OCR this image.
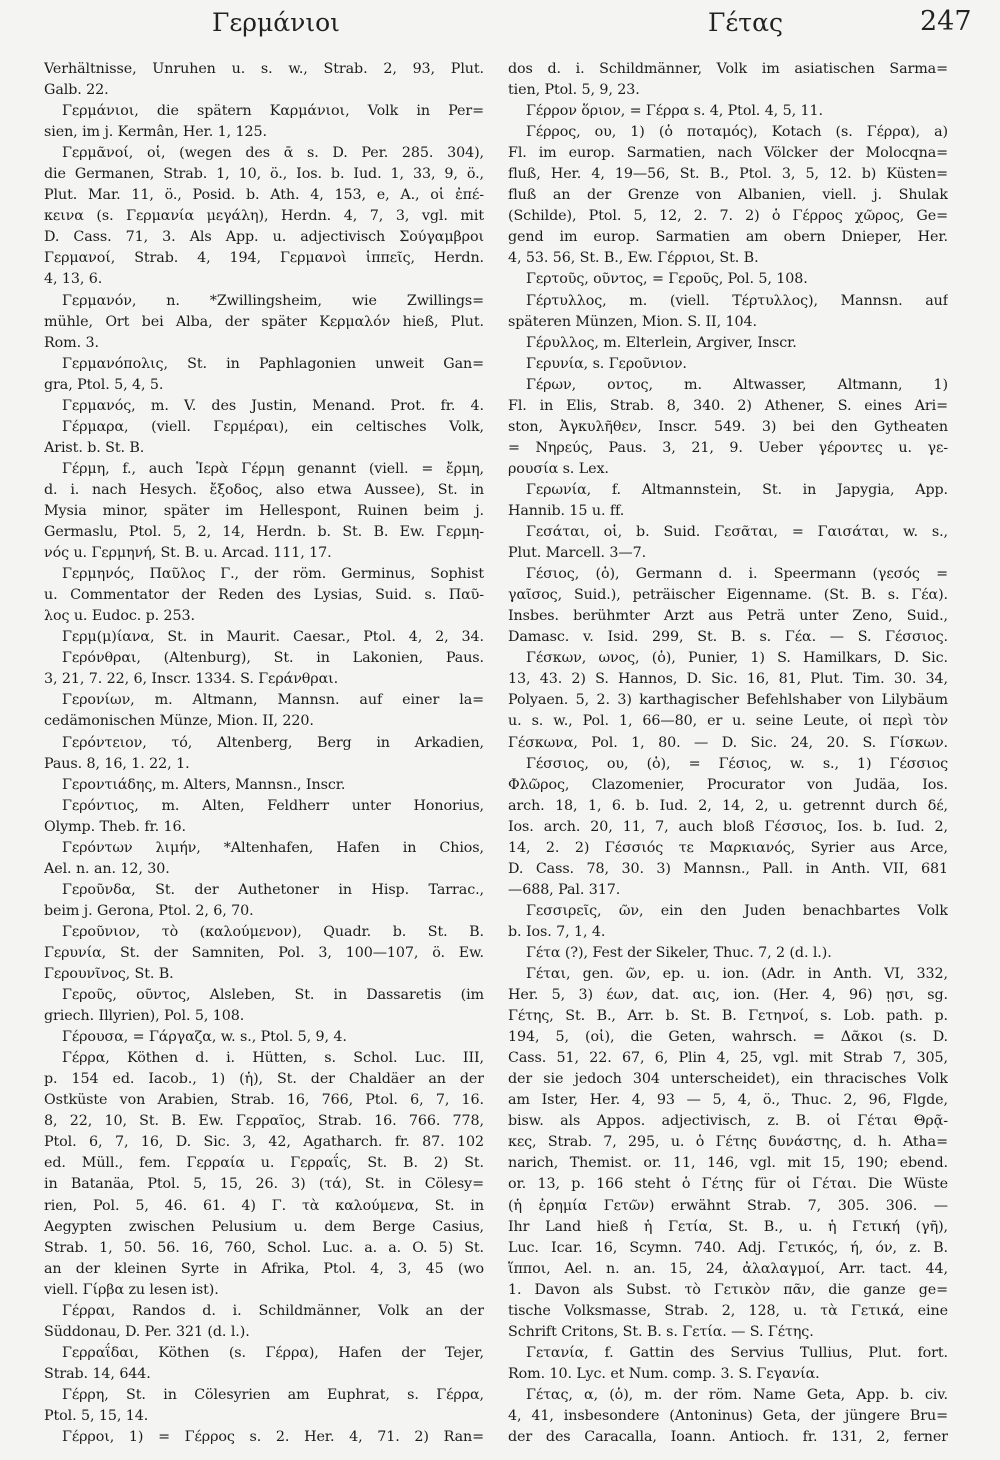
Γερμάνιοι	Γέτας	247
Verhältnisse, Unruhen u. s. w., Strab. 2, 93, Plut.
Galb. 22.
Γερμάνιοι, die spätern Καρμάνιοι, Volk in Per=
sien, im j. Kermân, Her. 1, 125.
Γερμᾶνοί, οἱ, (wegen des ᾱ s. D. Per. 285. 304),
die Germanen, Strab. 1, 10, ö., Ios. b. Iud. 1, 33, 9, ö.,
Plut. Mar. 11, ö., Posid. b. Ath. 4, 153, e, A., οἱ ἐπέ-
κεινα (s. Γερμανία μεγάλη), Herdn. 4, 7, 3, vgl. mit
D. Cass. 71, 3. Als App. u. adjectivisch Σούγαμβροι
Γερμανοί, Strab. 4, 194, Γερμανοὶ ἱππεῖς, Herdn.
4, 13, 6.
Γερμανόν, n. *Zwillingsheim, wie Zwillings=
mühle, Ort bei Alba, der später Κερμαλόν hieß, Plut.
Rom. 3.
Γερμανόπολις, St. in Paphlagonien unweit Gan=
gra, Ptol. 5, 4, 5.
Γερμανός, m. V. des Justin, Menand. Prot. fr. 4.
Γέρμαρα, (viell. Γερμέραι), ein celtisches Volk,
Arist. b. St. B.
Γέρμη, f., auch Ἱερὰ Γέρμη genannt (viell. = ἔρμη,
d. i. nach Hesych. ἔξοδος, also etwa Aussee), St. in
Mysia minor, später im Hellespont, Ruinen beim j.
Germaslu, Ptol. 5, 2, 14, Herdn. b. St. B. Ew. Γερμη-
νός u. Γερμηνή, St. B. u. Arcad. 111, 17.
Γερμηνός, Παῦλος Γ., der röm. Germinus, Sophist
u. Commentator der Reden des Lysias, Suid. s. Παῦ-
λος u. Eudoc. p. 253.
Γερμ(μ)ίανα, St. in Maurit. Caesar., Ptol. 4, 2, 34.
Γερόνθραι, (Altenburg), St. in Lakonien, Paus.
3, 21, 7. 22, 6, Inscr. 1334. S. Γεράνθραι.
Γερονίων, m. Altmann, Mannsn. auf einer la=
cedämonischen Münze, Mion. II, 220.
Γερόντειον, τό, Altenberg, Berg in Arkadien,
Paus. 8, 16, 1. 22, 1.
Γεροντιάδης, m. Alters, Mannsn., Inscr.
Γερόντιος, m. Alten, Feldherr unter Honorius,
Olymp. Theb. fr. 16.
Γερόντων λιμήν, *Altenhafen, Hafen in Chios,
Ael. n. an. 12, 30.
Γεροῦνδα, St. der Authetoner in Hisp. Tarrac.,
beim j. Gerona, Ptol. 2, 6, 70.
Γεροῦνιον, τὸ (καλούμενον), Quadr. b. St. B.
Γερυνία, St. der Samniten, Pol. 3, 100—107, ö. Ew.
Γερουνῖνος, St. B.
Γεροῦς, οῦντος, Alsleben, St. in Dassaretis (im
griech. Illyrien), Pol. 5, 108.
Γέρουσα, = Γάργαζα, w. s., Ptol. 5, 9, 4.
Γέρρα, Köthen d. i. Hütten, s. Schol. Luc. III,
p. 154 ed. Iacob., 1) (ἡ), St. der Chaldäer an der
Ostküste von Arabien, Strab. 16, 766, Ptol. 6, 7, 16.
8, 22, 10, St. B. Ew. Γερραῖος, Strab. 16. 766. 778,
Ptol. 6, 7, 16, D. Sic. 3, 42, Agatharch. fr. 87. 102
ed. Müll., fem. Γερραία u. Γερραΐς, St. B. 2) St.
in Batanäa, Ptol. 5, 15, 26. 3) (τά), St. in Cölesy=
rien, Pol. 5, 46. 61. 4) Γ. τὰ καλούμενα, St. in
Aegypten zwischen Pelusium u. dem Berge Casius,
Strab. 1, 50. 56. 16, 760, Schol. Luc. a. a. O. 5) St.
an der kleinen Syrte in Afrika, Ptol. 4, 3, 45 (wo
viell. Γίρβα zu lesen ist).
Γέρραι, Randos d. i. Schildmänner, Volk an der
Süddonau, D. Per. 321 (d. l.).
Γερραΐδαι, Köthen (s. Γέρρα), Hafen der Tejer,
Strab. 14, 644.
Γέρρη, St. in Cölesyrien am Euphrat, s. Γέρρα,
Ptol. 5, 15, 14.
Γέρροι, 1) = Γέρρος s. 2. Her. 4, 71. 2) Ran=
dos d. i. Schildmänner, Volk im asiatischen Sarma=
tien, Ptol. 5, 9, 23.
Γέρρον ὅριον, = Γέρρα s. 4, Ptol. 4, 5, 11.
Γέρρος, ου, 1) (ὁ ποταμός), Kotach (s. Γέρρα), a)
Fl. im europ. Sarmatien, nach Völcker der Molocqna=
fluß, Her. 4, 19—56, St. B., Ptol. 3, 5, 12. b) Küsten=
fluß an der Grenze von Albanien, viell. j. Shulak
(Schilde), Ptol. 5, 12, 2. 7. 2) ὁ Γέρρος χῶρος, Ge=
gend im europ. Sarmatien am obern Dnieper, Her.
4, 53. 56, St. B., Ew. Γέρριοι, St. B.
Γερτοῦς, οῦντος, = Γεροῦς, Pol. 5, 108.
Γέρτυλλος, m. (viell. Τέρτυλλος), Mannsn. auf
späteren Münzen, Mion. S. II, 104.
Γέρυλλος, m. Elterlein, Argiver, Inscr.
Γερυνία, s. Γεροῦνιον.
Γέρων, οντος, m. Altwasser, Altmann, 1)
Fl. in Elis, Strab. 8, 340. 2) Athener, S. eines Ari=
ston, Ἀγκυλῆθεν, Inscr. 549. 3) bei den Gytheaten
= Νηρεύς, Paus. 3, 21, 9. Ueber γέροντες u. γε-
ρουσία s. Lex.
Γερωνία, f. Altmannstein, St. in Japygia, App.
Hannib. 15 u. ff.
Γεσάται, οἱ, b. Suid. Γεσᾶται, = Γαισάται, w. s.,
Plut. Marcell. 3—7.
Γέσιος, (ὁ), Germann d. i. Speermann (γεσός =
γαῖσος, Suid.), peträischer Eigenname. (St. B. s. Γέα).
Insbes. berühmter Arzt aus Peträ unter Zeno, Suid.,
Damasc. v. Isid. 299, St. B. s. Γέα. — S. Γέσσιος.
Γέσκων, ωνος, (ὁ), Punier, 1) S. Hamilkars, D. Sic.
13, 43. 2) S. Hannos, D. Sic. 16, 81, Plut. Tim. 30. 34,
Polyaen. 5, 2. 3) karthagischer Befehlshaber von Lilybäum
u. s. w., Pol. 1, 66—80, er u. seine Leute, οἱ περὶ τὸν
Γέσκωνα, Pol. 1, 80. — D. Sic. 24, 20. S. Γίσκων.
Γέσσιος, ου, (ὁ), = Γέσιος, w. s., 1) Γέσσιος
Φλῶρος, Clazomenier, Procurator von Judäa, Ios.
arch. 18, 1, 6. b. Iud. 2, 14, 2, u. getrennt durch δέ,
Ios. arch. 20, 11, 7, auch bloß Γέσσιος, Ios. b. Iud. 2,
14, 2. 2) Γέσσιός τε Μαρκιανός, Syrier aus Arce,
D. Cass. 78, 30. 3) Mannsn., Pall. in Anth. VII, 681
—688, Pal. 317.
Γεσσιρεῖς, ῶν, ein den Juden benachbartes Volk
b. Ios. 7, 1, 4.
Γέτα (?), Fest der Sikeler, Thuc. 7, 2 (d. l.).
Γέται, gen. ῶν, ep. u. ion. (Adr. in Anth. VI, 332,
Her. 5, 3) έων, dat. αις, ion. (Her. 4, 96) ῃσι, sg.
Γέτης, St. B., Arr. b. St. B. Γετηνοί, s. Lob. path. p.
194, 5, (οἱ), die Geten, wahrsch. = Δᾶκοι (s. D.
Cass. 51, 22. 67, 6, Plin 4, 25, vgl. mit Strab 7, 305,
der sie jedoch 304 unterscheidet), ein thracisches Volk
am Ister, Her. 4, 93 — 5, 4, ö., Thuc. 2, 96, Flgde,
bisw. als Appos. adjectivisch, z. B. οἱ Γέται Θρᾷ-
κες, Strab. 7, 295, u. ὁ Γέτης δυνάστης, d. h. Atha=
narich, Themist. or. 11, 146, vgl. mit 15, 190; ebend.
or. 13, p. 166 steht ὁ Γέτης für οἱ Γέται. Die Wüste
(ἡ ἐρημία Γετῶν) erwähnt Strab. 7, 305. 306. —
Ihr Land hieß ἡ Γετία, St. B., u. ἡ Γετική (γῆ),
Luc. Icar. 16, Scymn. 740. Adj. Γετικός, ή, όν, z. B.
ἵπποι, Ael. n. an. 15, 24, ἀλαλαγμοί, Arr. tact. 44,
1. Davon als Subst. τὸ Γετικὸν πᾶν, die ganze ge=
tische Volksmasse, Strab. 2, 128, u. τὰ Γετικά, eine
Schrift Critons, St. B. s. Γετία. — S. Γέτης.
Γετανία, f. Gattin des Servius Tullius, Plut. fort.
Rom. 10. Lyc. et Num. comp. 3. S. Γεγανία.
Γέτας, α, (ὁ), m. der röm. Name Geta, App. b. civ.
4, 41, insbesondere (Antoninus) Geta, der jüngere Bru=
der des Caracalla, Ioann. Antioch. fr. 131, 2, ferner
